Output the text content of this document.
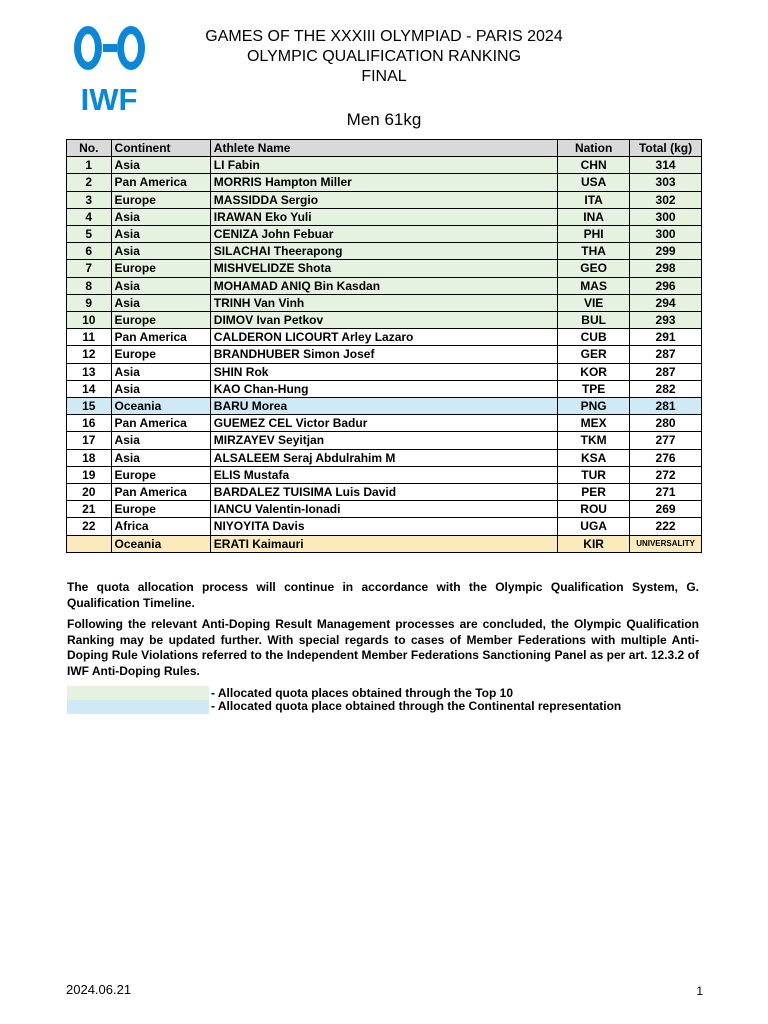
IWF
GAMES OF THE XXXIII OLYMPIAD - PARIS 2024
OLYMPIC QUALIFICATION RANKING
FINAL
Men 61kg
No.	Continent	Athlete Name	Nation	Total (kg)
1	Asia	LI Fabin	CHN	314
2	Pan America	MORRIS Hampton Miller	USA	303
3	Europe	MASSIDDA Sergio	ITA	302
4	Asia	IRAWAN Eko Yuli	INA	300
5	Asia	CENIZA John Febuar	PHI	300
6	Asia	SILACHAI Theerapong	THA	299
7	Europe	MISHVELIDZE Shota	GEO	298
8	Asia	MOHAMAD ANIQ Bin Kasdan	MAS	296
9	Asia	TRINH Van Vinh	VIE	294
10	Europe	DIMOV Ivan Petkov	BUL	293
11	Pan America	CALDERON LICOURT Arley Lazaro	CUB	291
12	Europe	BRANDHUBER Simon Josef	GER	287
13	Asia	SHIN Rok	KOR	287
14	Asia	KAO Chan-Hung	TPE	282
15	Oceania	BARU Morea	PNG	281
16	Pan America	GUEMEZ CEL Victor Badur	MEX	280
17	Asia	MIRZAYEV Seyitjan	TKM	277
18	Asia	ALSALEEM Seraj Abdulrahim M	KSA	276
19	Europe	ELIS Mustafa	TUR	272
20	Pan America	BARDALEZ TUISIMA Luis David	PER	271
21	Europe	IANCU Valentin-Ionadi	ROU	269
22	Africa	NIYOYITA Davis	UGA	222
	Oceania	ERATI Kaimauri	KIR	UNIVERSALITY
The quota allocation process will continue in accordance with the Olympic Qualification System, G. Qualification Timeline.
Following the relevant Anti-Doping Result Management processes are concluded, the Olympic Qualification Ranking may be updated further. With special regards to cases of Member Federations with multiple Anti-Doping Rule Violations referred to the Independent Member Federations Sanctioning Panel as per art. 12.3.2 of IWF Anti-Doping Rules.
- Allocated quota places obtained through the Top 10
- Allocated quota place obtained through the Continental representation
2024.06.21	1
